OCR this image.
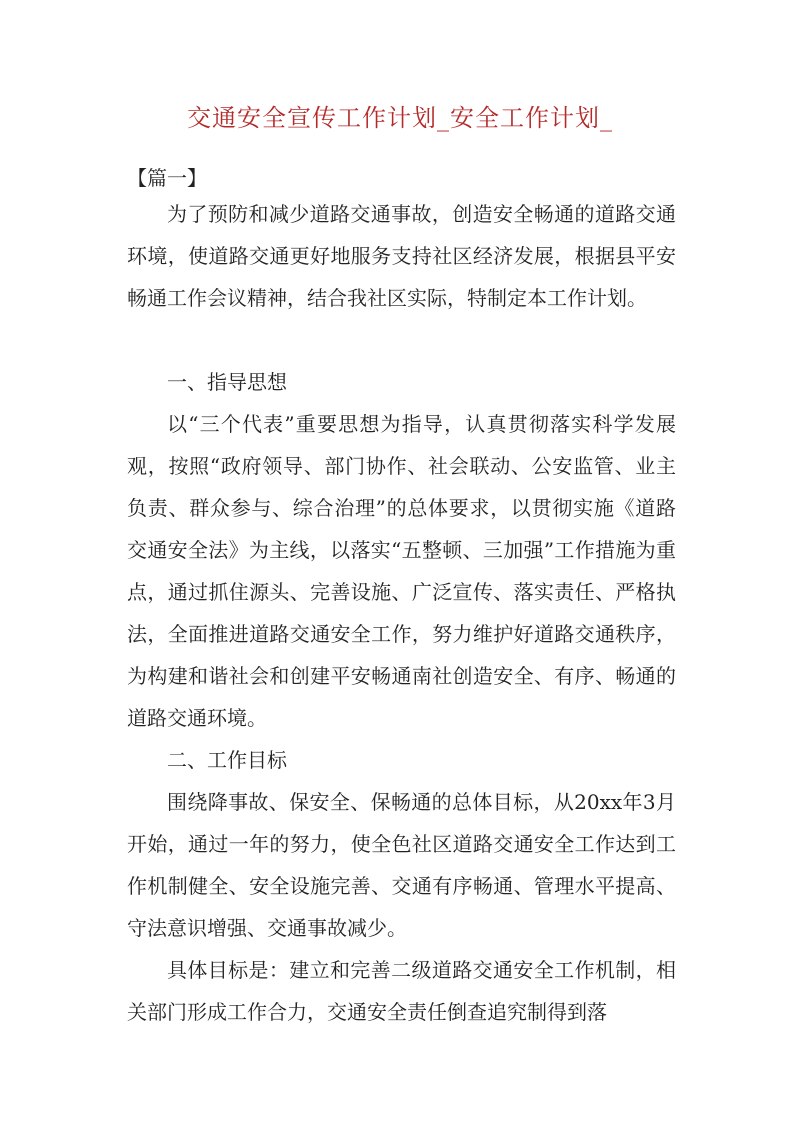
交通安全宣传工作计划_安全工作计划_
【篇一】

为了预防和减少道路交通事故，创造安全畅通的道路交通环境，使道路交通更好地服务支持社区经济发展，根据县平安畅通工作会议精神，结合我社区实际，特制定本工作计划。

一、指导思想

以“三个代表”重要思想为指导，认真贯彻落实科学发展观，按照“政府领导、部门协作、社会联动、公安监管、业主负责、群众参与、综合治理”的总体要求，以贯彻实施《道路交通安全法》为主线，以落实“五整顿、三加强”工作措施为重点，通过抓住源头、完善设施、广泛宣传、落实责任、严格执法，全面推进道路交通安全工作，努力维护好道路交通秩序，为构建和谐社会和创建平安畅通南社创造安全、有序、畅通的道路交通环境。

二、工作目标

围绕降事故、保安全、保畅通的总体目标，从20xx年3月开始，通过一年的努力，使全色社区道路交通安全工作达到工作机制健全、安全设施完善、交通有序畅通、管理水平提高、守法意识增强、交通事故减少。

具体目标是：建立和完善二级道路交通安全工作机制，相关部门形成工作合力，交通安全责任倒查追究制得到落
